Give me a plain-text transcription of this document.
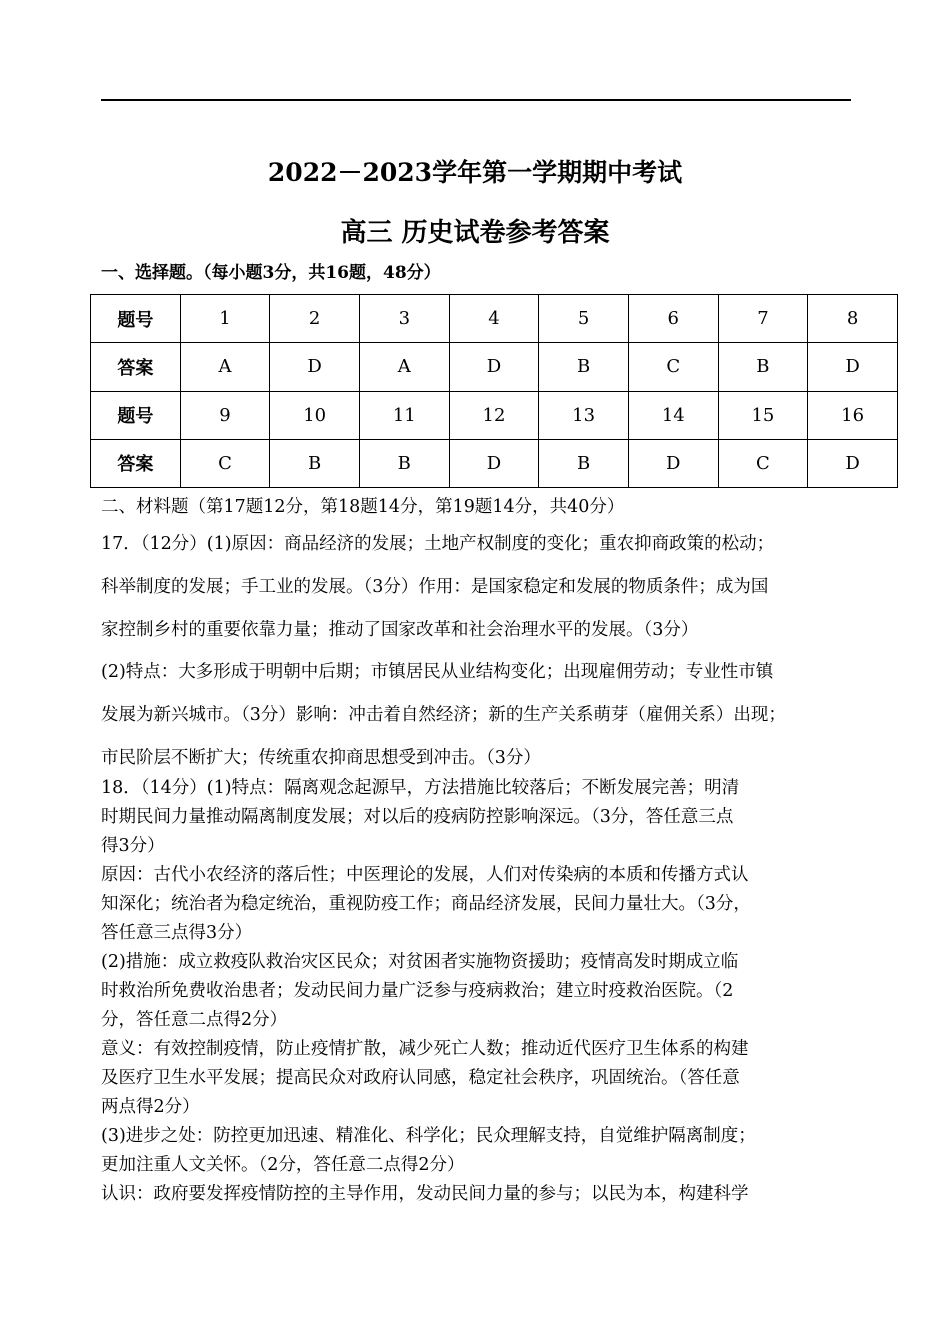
2022－2023学年第一学期期中考试
高三 历史试卷参考答案
一、选择题。（每小题3分，共16题，48分）
题号	1	2	3	4	5	6	7	8
答案	A	D	A	D	B	C	B	D
题号	9	10	11	12	13	14	15	16
答案	C	B	B	D	B	D	C	D
二、材料题（第17题12分，第18题14分，第19题14分，共40分）
17．（12分）(1)原因：商品经济的发展；土地产权制度的变化；重农抑商政策的松动；
科举制度的发展；手工业的发展。（3分）作用：是国家稳定和发展的物质条件；成为国
家控制乡村的重要依靠力量；推动了国家改革和社会治理水平的发展。（3分）
(2)特点：大多形成于明朝中后期；市镇居民从业结构变化；出现雇佣劳动；专业性市镇
发展为新兴城市。（3分）影响：冲击着自然经济；新的生产关系萌芽（雇佣关系）出现；
市民阶层不断扩大；传统重农抑商思想受到冲击。（3分）
18．（14分）(1)特点：隔离观念起源早，方法措施比较落后；不断发展完善；明清
时期民间力量推动隔离制度发展；对以后的疫病防控影响深远。（3分，答任意三点
得3分）
原因：古代小农经济的落后性；中医理论的发展，人们对传染病的本质和传播方式认
知深化；统治者为稳定统治，重视防疫工作；商品经济发展，民间力量壮大。（3分，
答任意三点得3分）
(2)措施：成立救疫队救治灾区民众；对贫困者实施物资援助；疫情高发时期成立临
时救治所免费收治患者；发动民间力量广泛参与疫病救治；建立时疫救治医院。（2
分，答任意二点得2分）
意义：有效控制疫情，防止疫情扩散，减少死亡人数；推动近代医疗卫生体系的构建
及医疗卫生水平发展；提高民众对政府认同感，稳定社会秩序，巩固统治。（答任意
两点得2分）
(3)进步之处：防控更加迅速、精准化、科学化；民众理解支持，自觉维护隔离制度；
更加注重人文关怀。（2分，答任意二点得2分）
认识：政府要发挥疫情防控的主导作用，发动民间力量的参与；以民为本，构建科学
